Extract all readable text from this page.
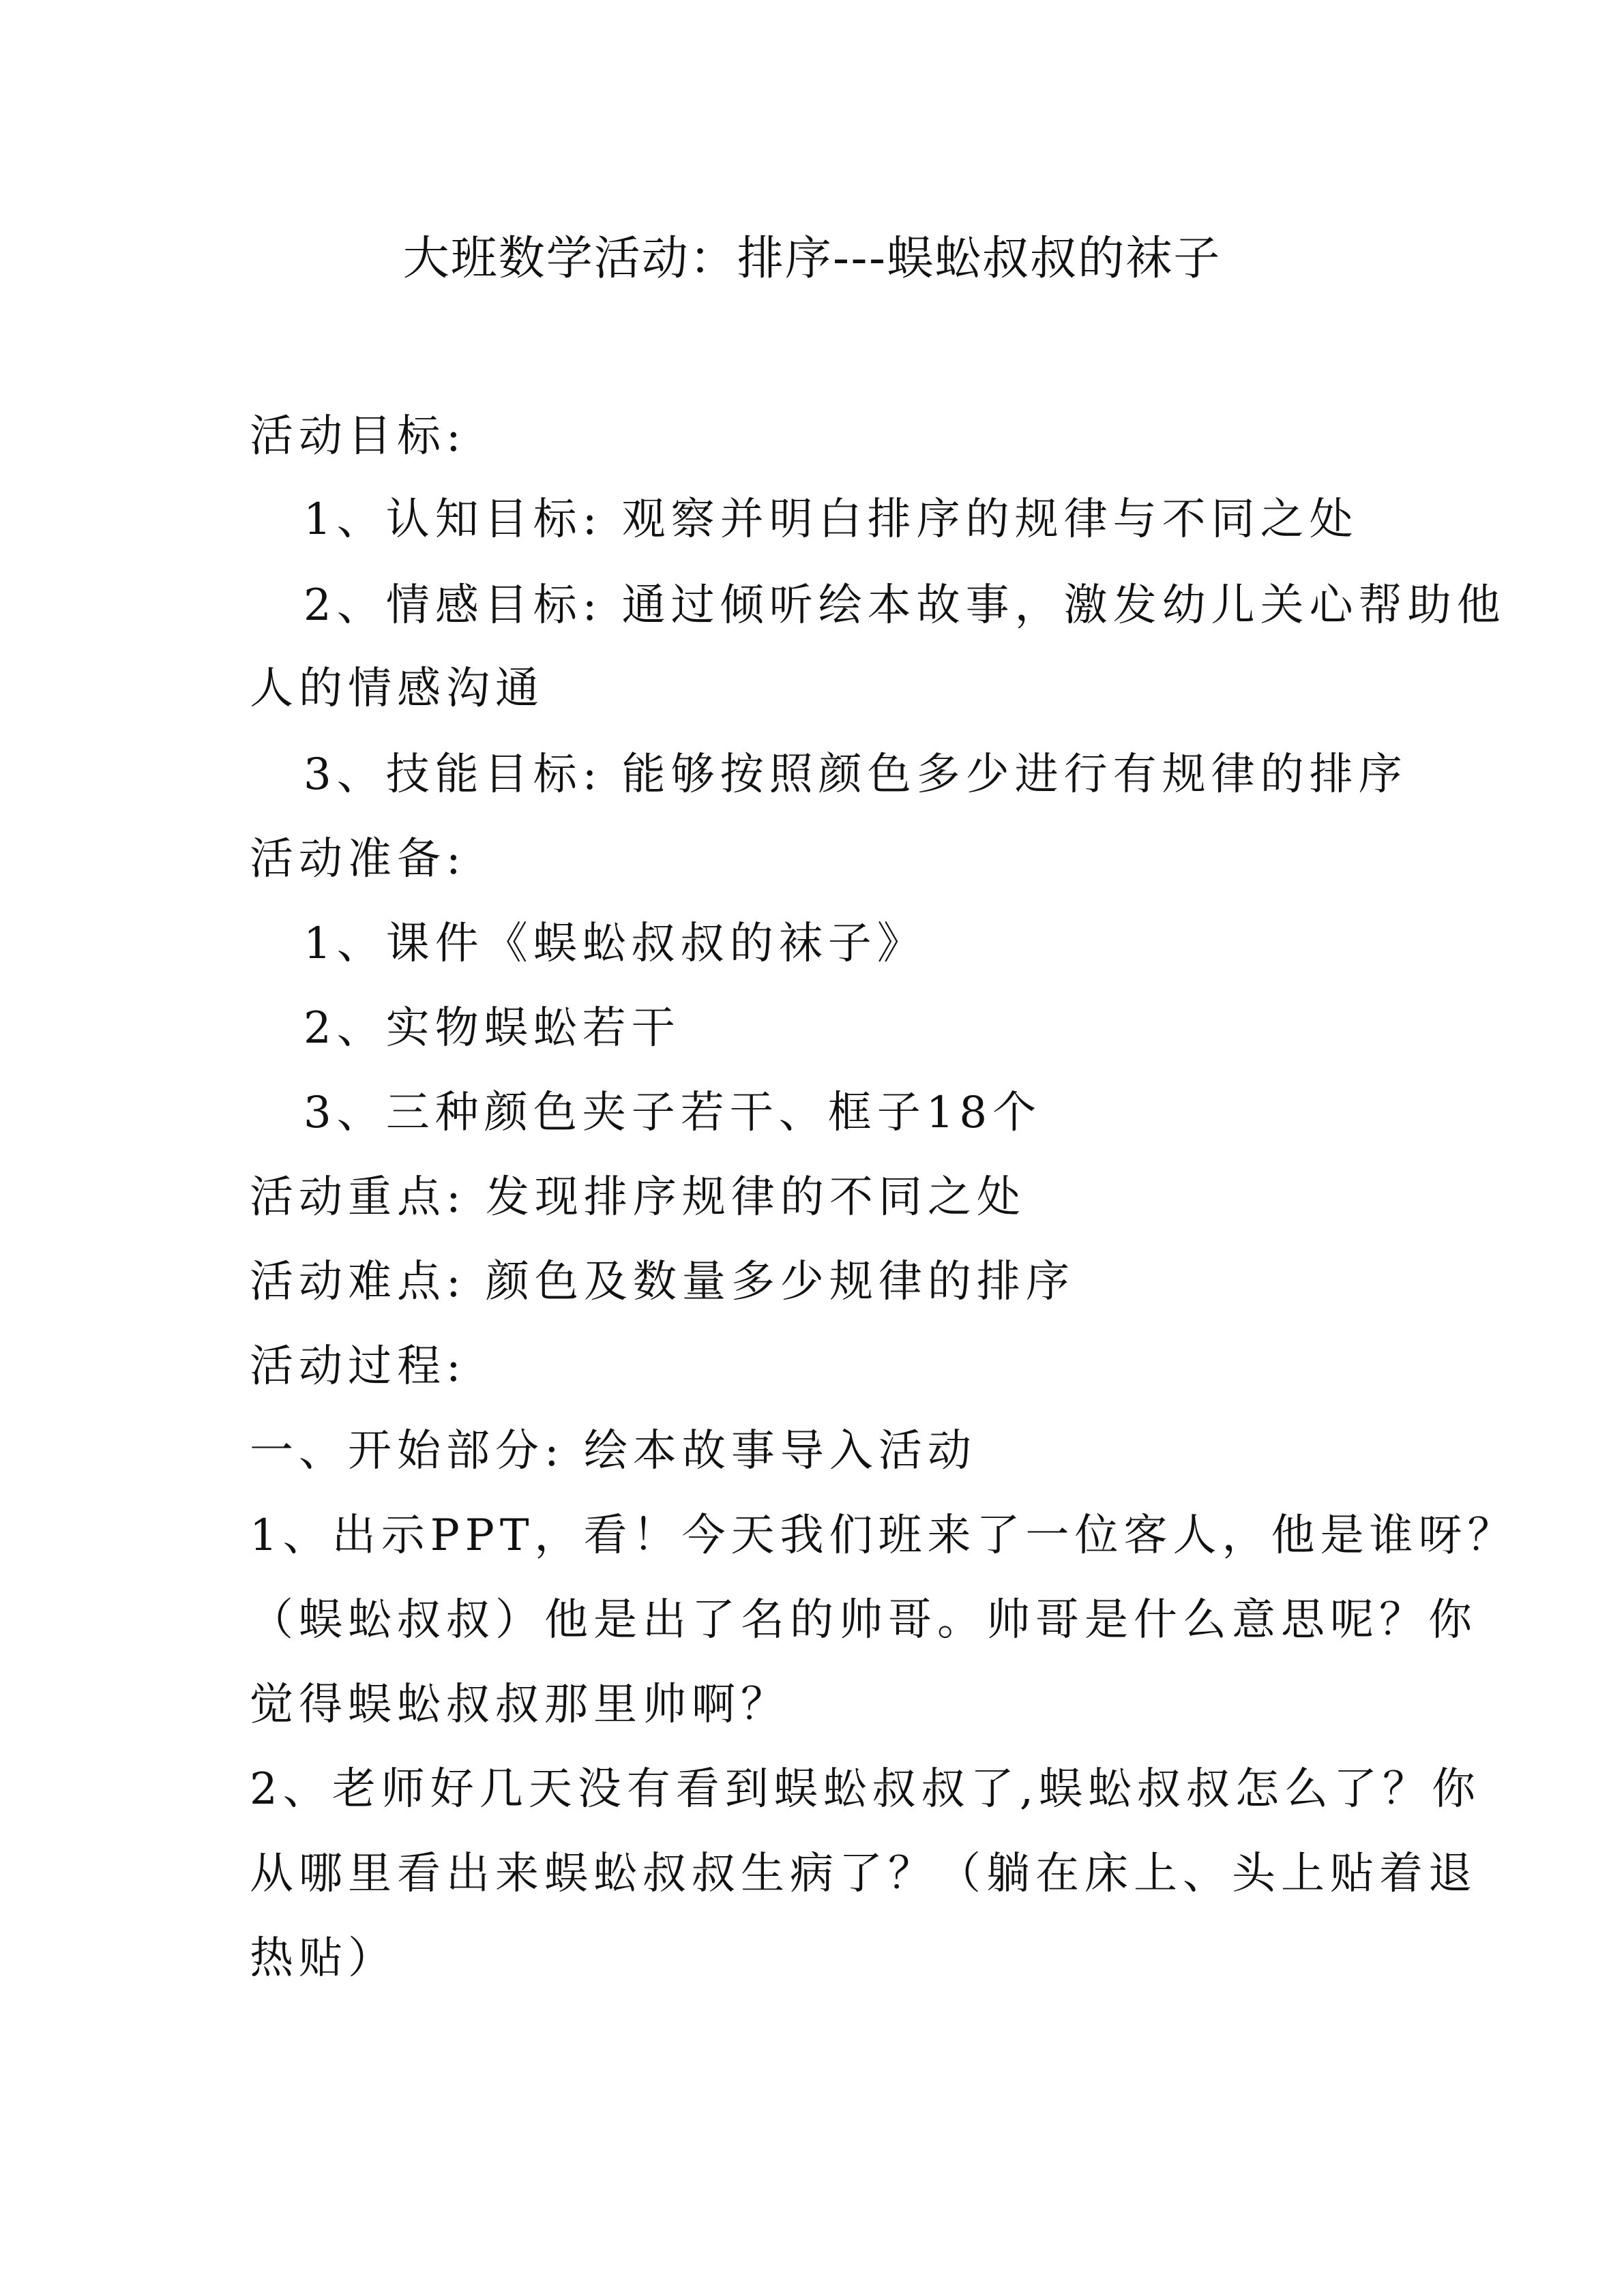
大班数学活动：排序---蜈蚣叔叔的袜子
活动目标:
1、认知目标: 观察并明白排序的规律与不同之处
2、情感目标: 通过倾听绘本故事，激发幼儿关心帮助他
人的情感沟通
3、技能目标: 能够按照颜色多少进行有规律的排序
活动准备:
1、课件《蜈蚣叔叔的袜子》
2、实物蜈蚣若干
3、三种颜色夹子若干、框子18个
活动重点: 发现排序规律的不同之处
活动难点: 颜色及数量多少规律的排序
活动过程:
一、开始部分: 绘本故事导入活动
1、出示PPT，看！今天我们班来了一位客人，他是谁呀？
（蜈蚣叔叔）他是出了名的帅哥。帅哥是什么意思呢？你
觉得蜈蚣叔叔那里帅啊？
2、老师好几天没有看到蜈蚣叔叔了,蜈蚣叔叔怎么了？你
从哪里看出来蜈蚣叔叔生病了？（躺在床上、头上贴着退
热贴）
